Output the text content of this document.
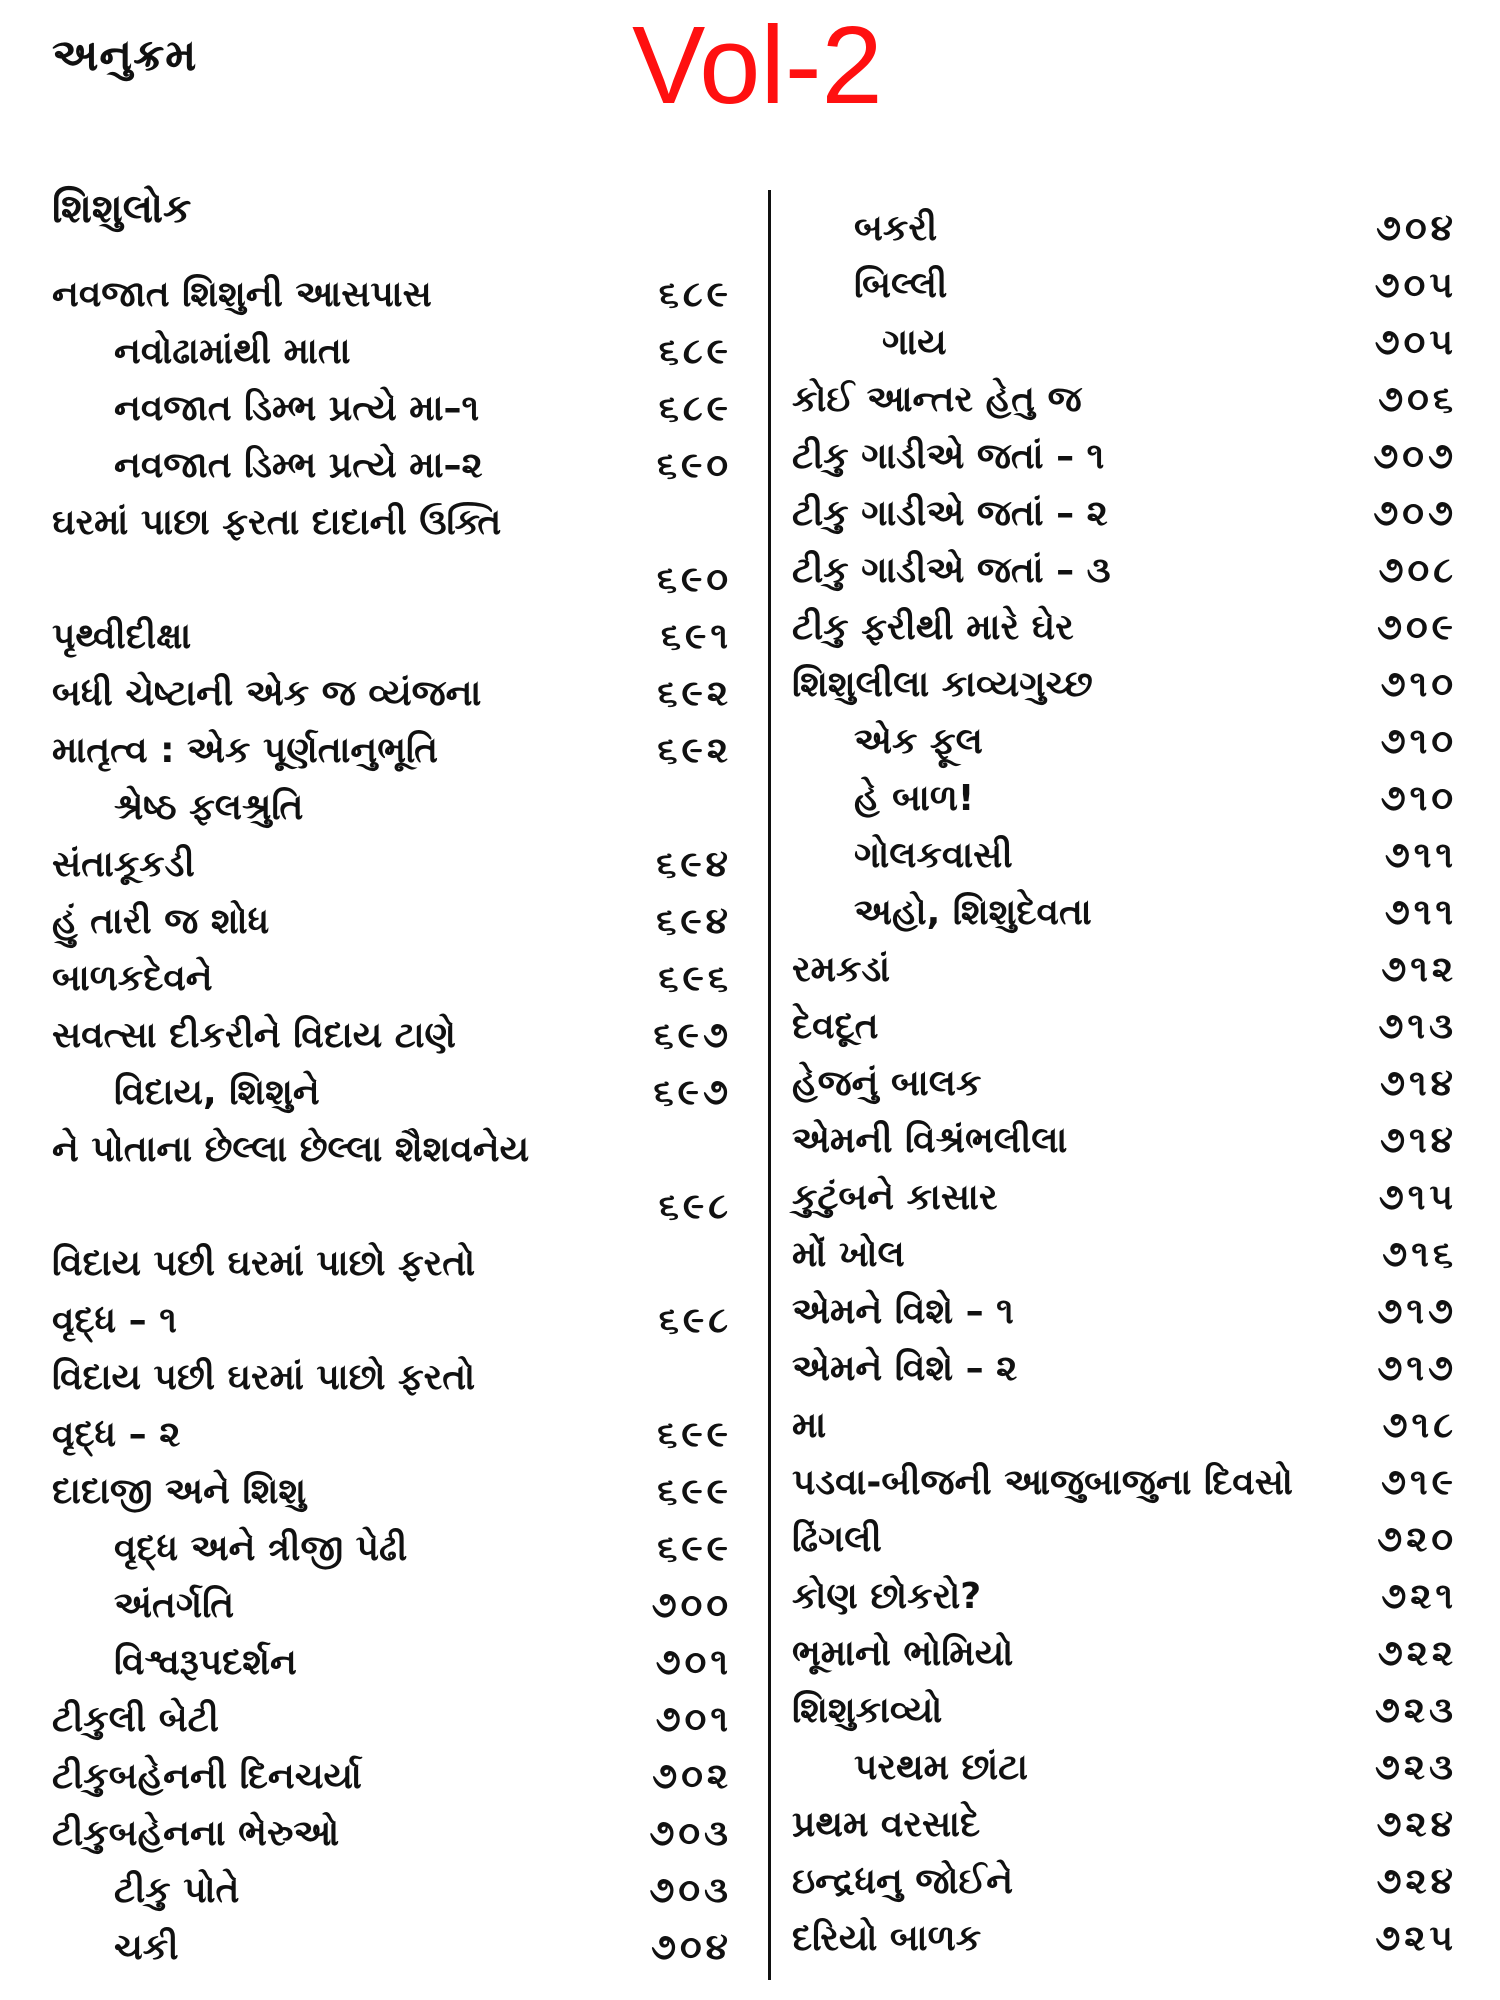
અનુક્રમ	Vol-2
શિશુલોક
નવજાત શિશુની આસપાસ	૬૮૯
નવોઢામાંથી માતા	૬૮૯
નવજાત ડિમ્ભ પ્રત્યે મા–૧	૬૮૯
નવજાત ડિમ્ભ પ્રત્યે મા–૨	૬૯૦
ઘરમાં પાછા ફરતા દાદાની ઉક્તિ
૬૯૦
પૃથ્વીદીક્ષા	૬૯૧
બધી ચેષ્ટાની એક જ વ્યંજના	૬૯૨
માતૃત્વ : એક પૂર્ણતાનુભૂતિ	૬૯૨
શ્રેષ્ઠ ફલશ્રુતિ
સંતાકૂકડી	૬૯૪
હું તારી જ શોધ	૬૯૪
બાળકદેવને	૬૯૬
સવત્સા દીકરીને વિદાય ટાણે	૬૯૭
વિદાય, શિશુને	૬૯૭
ને પોતાના છેલ્લા છેલ્લા શૈશવનેય
૬૯૮
વિદાય પછી ઘરમાં પાછો ફરતો
વૃદ્ધ – ૧	૬૯૮
વિદાય પછી ઘરમાં પાછો ફરતો
વૃદ્ધ – ૨	૬૯૯
દાદાજી અને શિશુ	૬૯૯
વૃદ્ધ અને ત્રીજી પેઢી	૬૯૯
અંતર્ગતિ	૭૦૦
વિશ્વરૂપદર્શન	૭૦૧
ટીકુલી બેટી	૭૦૧
ટીકુબહેનની દિનચર્યા	૭૦૨
ટીકુબહેનના ભેરુઓ	૭૦૩
ટીકુ પોતે	૭૦૩
ચકી	૭૦૪
બકરી	૭૦૪
બિલ્લી	૭૦૫
ગાય	૭૦૫
કોઈ આન્તર હેતુ જ	૭૦૬
ટીકુ ગાડીએ જતાં – ૧	૭૦૭
ટીકુ ગાડીએ જતાં – ૨	૭૦૭
ટીકુ ગાડીએ જતાં – ૩	૭૦૮
ટીકુ ફરીથી મારે ઘેર	૭૦૯
શિશુલીલા કાવ્યગુચ્છ	૭૧૦
એક ફૂલ	૭૧૦
હે બાળ!	૭૧૦
ગોલકવાસી	૭૧૧
અહો, શિશુદેવતા	૭૧૧
રમકડાં	૭૧૨
દેવદૂત	૭૧૩
હેજનું બાલક	૭૧૪
એમની વિશ્રંભલીલા	૭૧૪
કુટુંબને કાસાર	૭૧૫
મોં ખોલ	૭૧૬
એમને વિશે – ૧	૭૧૭
એમને વિશે – ૨	૭૧૭
મા	૭૧૮
પડવા-બીજની આજુબાજુના દિવસો ૭૧૯
ઢિંગલી	૭૨૦
કોણ છોકરો?	૭૨૧
ભૂમાનો ભોમિયો	૭૨૨
શિશુકાવ્યો	૭૨૩
પરથમ છાંટા	૭૨૩
પ્રથમ વરસાદે	૭૨૪
ઇન્દ્રધનુ જોઈને	૭૨૪
દરિયો બાળક	૭૨૫
